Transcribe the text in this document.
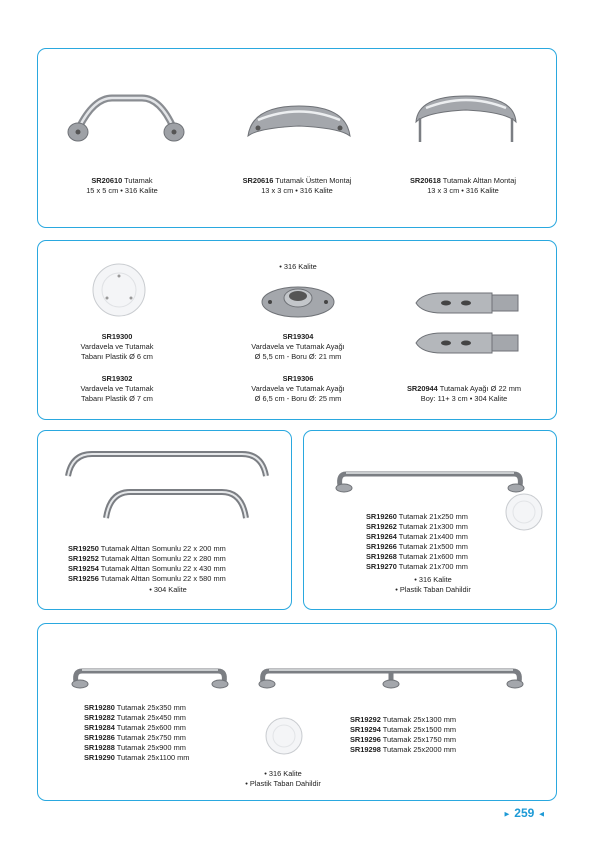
SR20610 Tutamak
15 x 5 cm • 316 Kalite
SR20616 Tutamak Üstten Montaj
13 x 3 cm • 316 Kalite
SR20618 Tutamak Alttan Montaj
13 x 3 cm • 316 Kalite
SR19300
Vardavela ve Tutamak
Tabanı Plastik Ø 6 cm
SR19302
Vardavela ve Tutamak
Tabanı Plastik Ø 7 cm
• 316 Kalite
SR19304
Vardavela ve Tutamak Ayağı
Ø 5,5 cm - Boru Ø: 21 mm
SR19306
Vardavela ve Tutamak Ayağı
Ø 6,5 cm - Boru Ø: 25 mm
SR20944 Tutamak Ayağı Ø 22 mm
Boy: 11+ 3 cm • 304 Kalite
SR19250 Tutamak Alttan Somunlu 22 x 200 mm
SR19252 Tutamak Alttan Somunlu 22 x 280 mm
SR19254 Tutamak Alttan Somunlu 22 x 430 mm
SR19256 Tutamak Alttan Somunlu 22 x 580 mm
• 304 Kalite
SR19260 Tutamak 21x250 mm
SR19262 Tutamak 21x300 mm
SR19264 Tutamak 21x400 mm
SR19266 Tutamak 21x500 mm
SR19268 Tutamak 21x600 mm
SR19270 Tutamak 21x700 mm
• 316 Kalite
• Plastik Taban Dahildir
SR19280 Tutamak 25x350 mm
SR19282 Tutamak 25x450 mm
SR19284 Tutamak 25x600 mm
SR19286 Tutamak 25x750 mm
SR19288 Tutamak 25x900 mm
SR19290 Tutamak 25x1100 mm
SR19292 Tutamak 25x1300 mm
SR19294 Tutamak 25x1500 mm
SR19296 Tutamak 25x1750 mm
SR19298 Tutamak 25x2000 mm
• 316 Kalite
• Plastik Taban Dahildir
► 259 ◄
